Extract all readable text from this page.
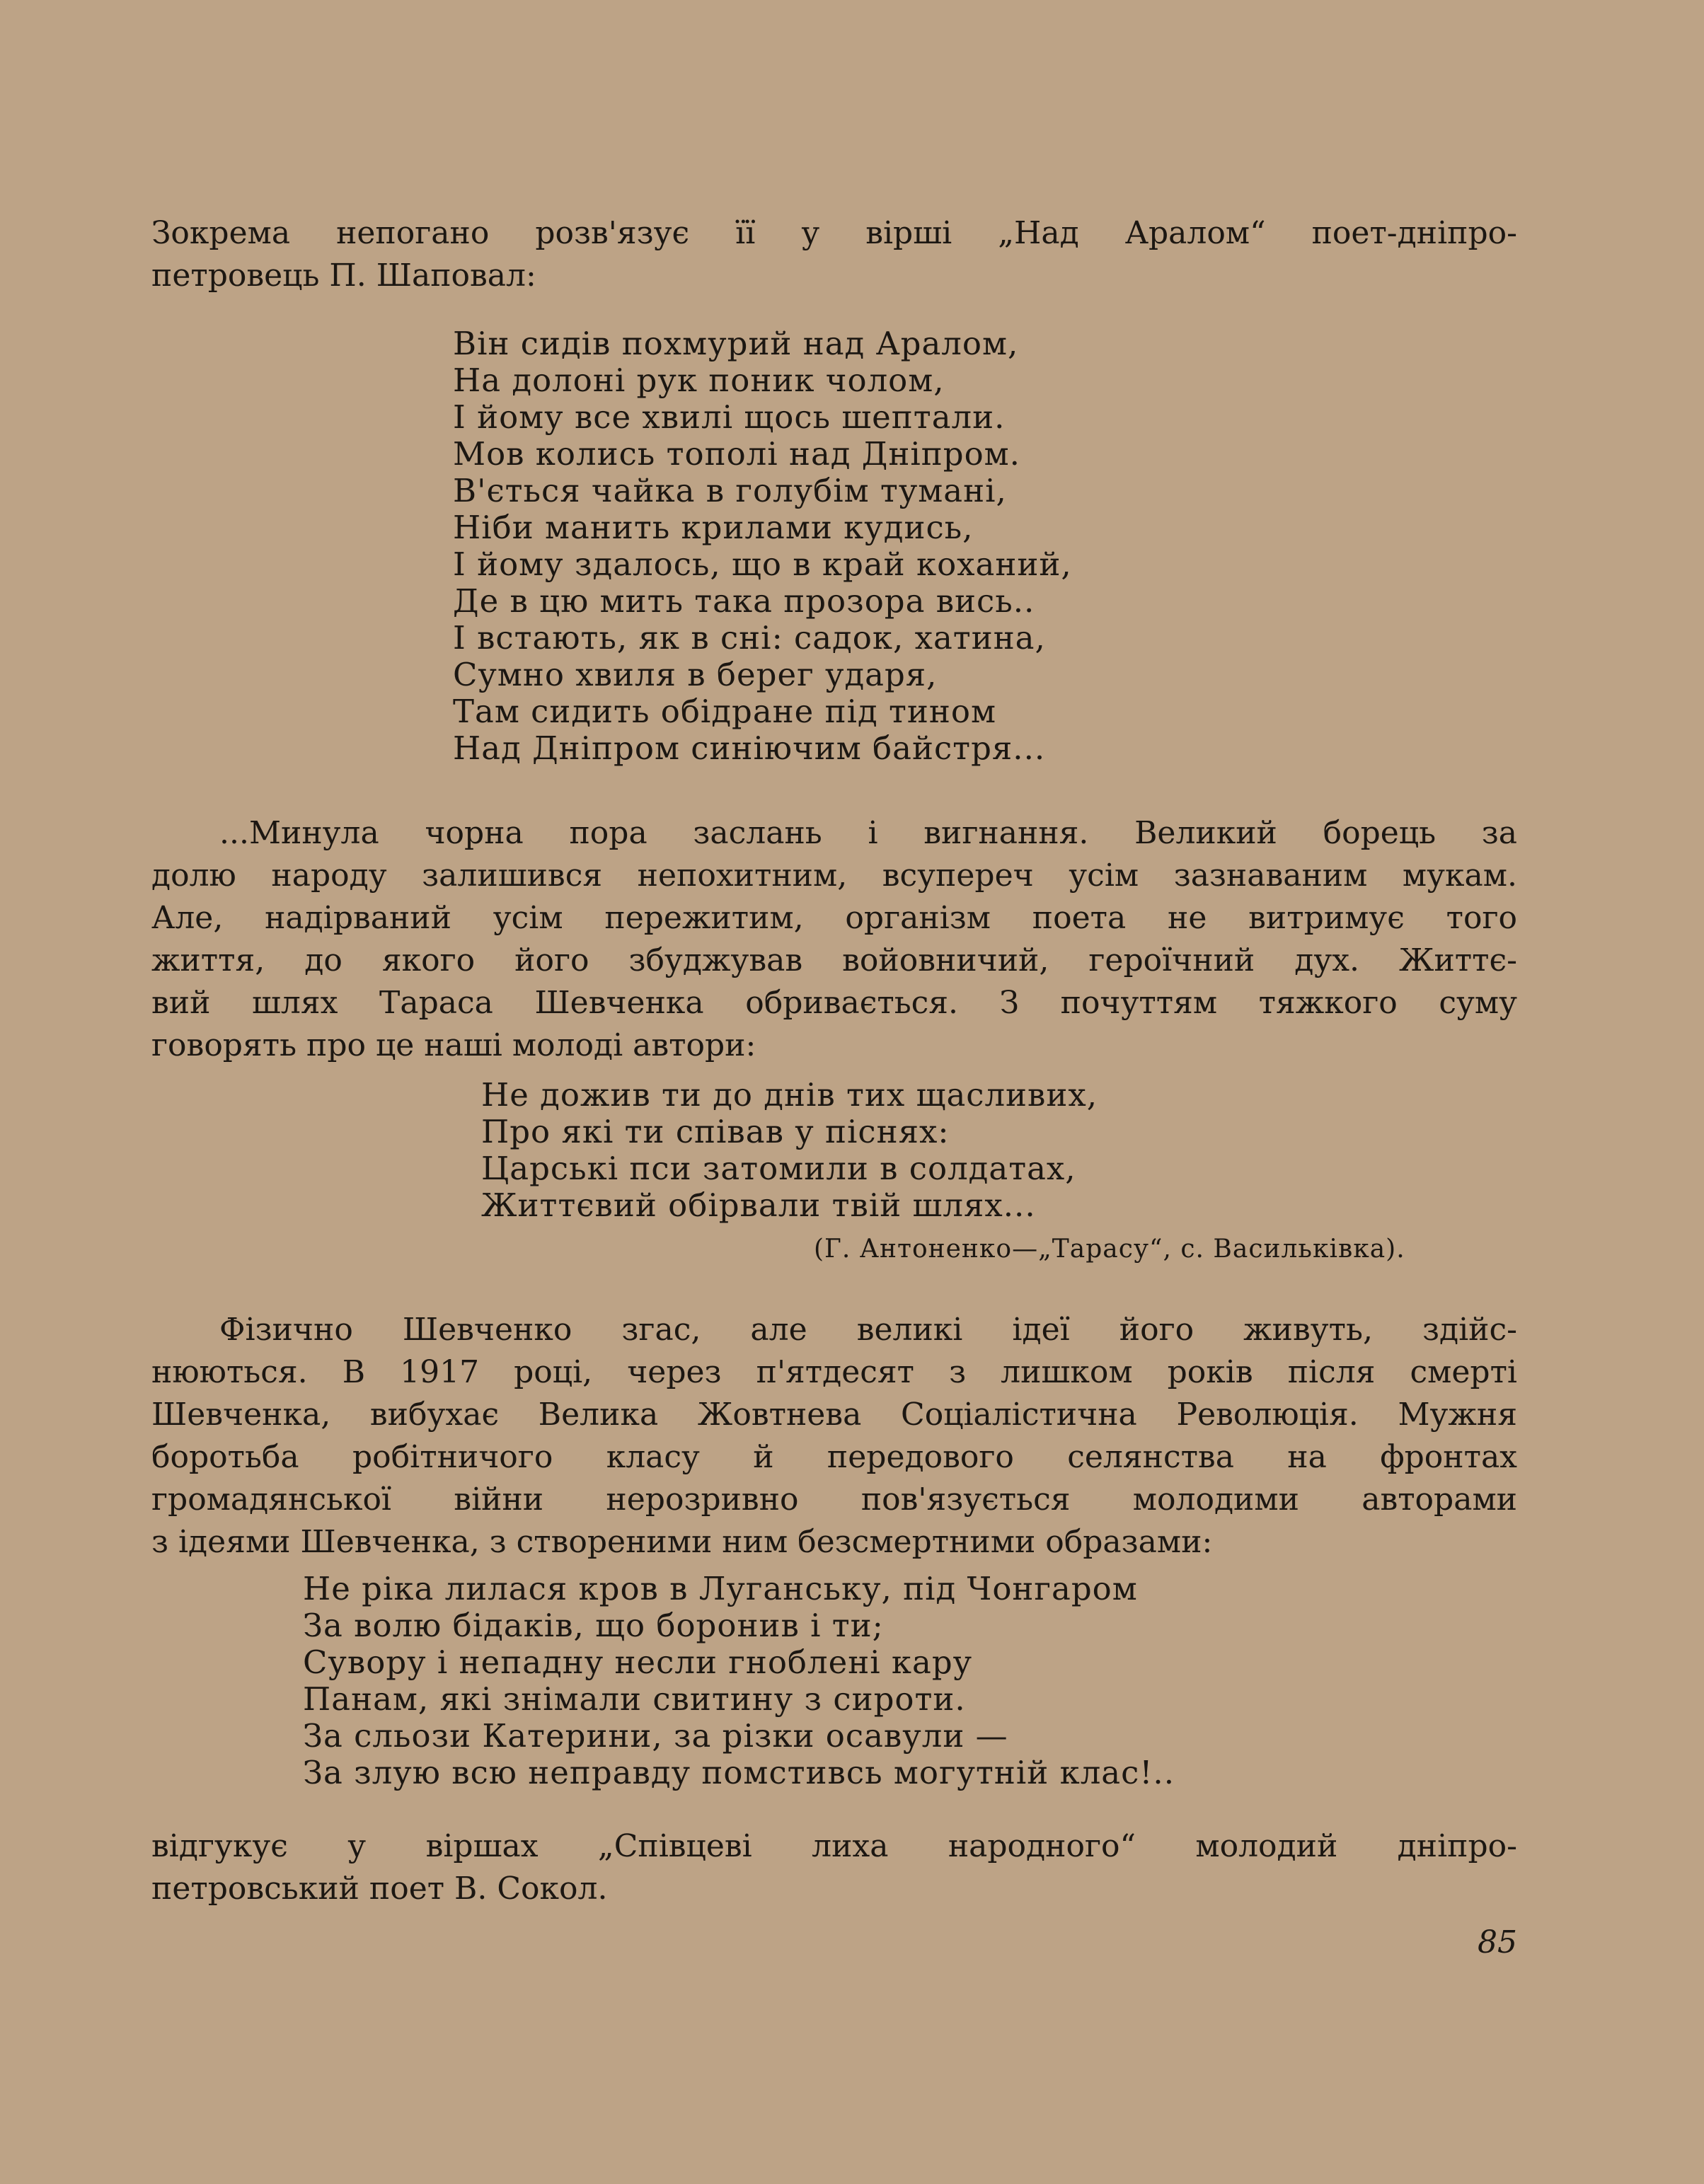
Зокрема непогано розв'язує її у вірші „Над Аралом“ поет-дніпро-
петровець П. Шаповал:

Він сидів похмурий над Аралом,
На долоні рук поник чолом,
І йому все хвилі щось шептали.
Мов колись тополі над Дніпром.
В'ється чайка в голубім тумані,
Ніби манить крилами кудись,
І йому здалось, що в край коханий,
Де в цю мить така прозора вись..
І встають, як в сні: садок, хатина,
Сумно хвиля в берег ударя,
Там сидить обідране під тином
Над Дніпром синіючим байстря...

...Минула чорна пора заслань і вигнання. Великий борець за
долю народу залишився непохитним, всупереч усім зазнаваним мукам.
Але, надірваний усім пережитим, організм поета не витримує того
життя, до якого його збуджував войовничий, героїчний дух. Життє-
вий шлях Тараса Шевченка обривається. З почуттям тяжкого суму
говорять про це наші молоді автори:

Не дожив ти до днів тих щасливих,
Про які ти співав у піснях:
Царські пси затомили в солдатах,
Життєвий обірвали твій шлях...

(Г. Антоненко—„Тарасу“, с. Васильківка).

Фізично Шевченко згас, але великі ідеї його живуть, здійс-
нюються. В 1917 році, через п'ятдесят з лишком років після смерті
Шевченка, вибухає Велика Жовтнева Соціалістична Революція. Мужня
боротьба робітничого класу й передового селянства на фронтах
громадянської війни нерозривно пов'язується молодими авторами
з ідеями Шевченка, з створеними ним безсмертними образами:

Не ріка лилася кров в Луганську, під Чонгаром
За волю бідаків, що боронив і ти;
Сувору і непадну несли гноблені кару
Панам, які знімали свитину з сироти.
За сльози Катерини, за різки осавули —
За злую всю неправду помстивсь могутній клас!..

відгукує у віршах „Співцеві лиха народного“ молодий дніпро-
петровський поет В. Сокол.

85
